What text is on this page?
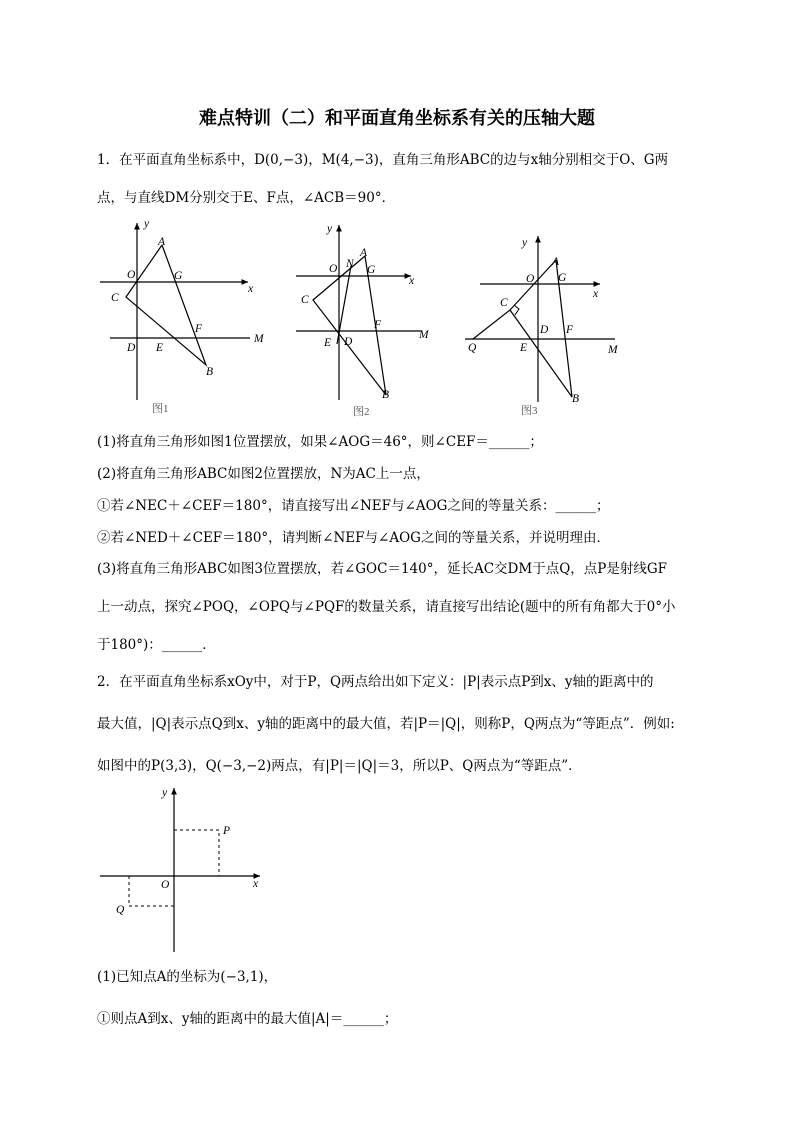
难点特训（二）和平面直角坐标系有关的压轴大题
1．在平面直角坐标系中，D(0,−3)，M(4,−3)，直角三角形ABC的边与x轴分别相交于O、G两
点，与直线DM分别交于E、F点，∠ACB＝90°．
y
A
O	G
x
C
F
D E
M
B
图1
y
A
O N G
x
C
F
E D
M
B
图2
y
A
O G
x
C
D F
Q	E	M
B
图3
(1)将直角三角形如图1位置摆放，如果∠AOG＝46°，则∠CEF＝______；
(2)将直角三角形ABC如图2位置摆放，N为AC上一点，
①若∠NEC＋∠CEF＝180°，请直接写出∠NEF与∠AOG之间的等量关系：______；
②若∠NED＋∠CEF＝180°，请判断∠NEF与∠AOG之间的等量关系，并说明理由．
(3)将直角三角形ABC如图3位置摆放，若∠GOC＝140°，延长AC交DM于点Q，点P是射线GF
上一动点，探究∠POQ，∠OPQ与∠PQF的数量关系，请直接写出结论(题中的所有角都大于0°小
于180°)：______．
2．在平面直角坐标系xOy中，对于P，Q两点给出如下定义：|P|表示点P到x、y轴的距离中的
最大值，|Q|表示点Q到x、y轴的距离中的最大值，若|P＝|Q|，则称P，Q两点为“等距点”．例如:
如图中的P(3,3)，Q(−3,−2)两点，有|P|＝|Q|＝3，所以P、Q两点为“等距点”．
y
P
O	x
Q
(1)已知点A的坐标为(−3,1)，
①则点A到x、y轴的距离中的最大值|A|＝______；
